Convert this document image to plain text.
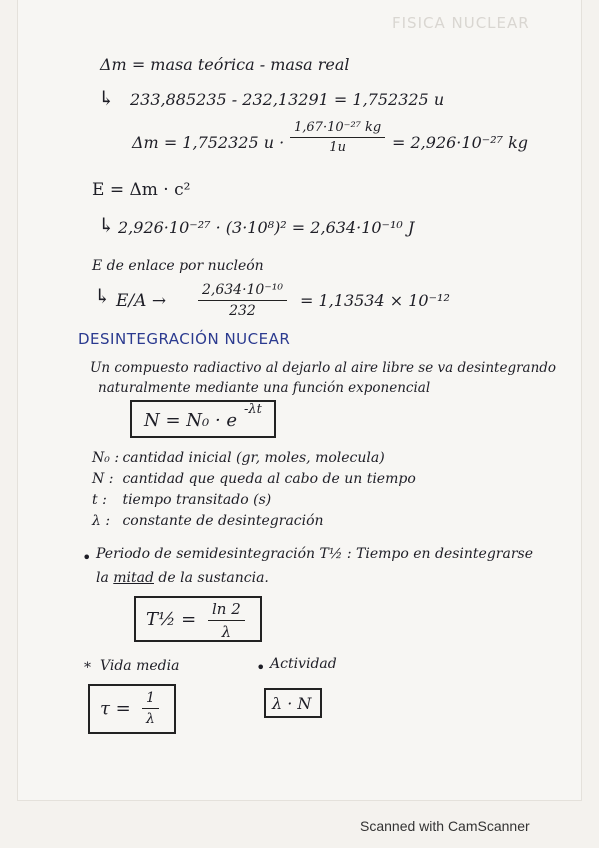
FISICA NUCLEAR
Δm = masa teórica - masa real
↳ 233,885235 - 232,13291 = 1,752325 u
Δm = 1,752325 $u \cdot \frac{\text{1,67·10⁻²⁷ kg}}{1u} = 2,926\cdot 10^{-27}$ kg
E = Δm · c²
↳ 2,926·10⁻²⁷ · (3·10⁸)² = 2,634·10⁻¹⁰ J
E de enlace por nucleón
↳ $E/A \to \frac{\text{2,634·10⁻¹⁰}}{232} = 1,13534 \times 10^{-12}$
DESINTEGRACIÓN NUCEAR
Un compuesto radiactivo al dejarlo al aire libre se va desintegrando
naturalmente mediante una función exponencial
N = N₀ · e
-λt
N₀ : cantidad inicial (gr, moles, molecula)
N : cantidad que queda al cabo de un tiempo
t : tiempo transitado (s)
λ : constante de desintegración
• Periodo de semidesintegración T½ : Tiempo en desintegrarse
la mitad de la sustancia.
T½ = $\frac{\ln 2}{\lambda}$
* Vida media	• Actividad
$\tau = \frac{1}{\lambda}$	λ · N
Scanned with CamScanner
